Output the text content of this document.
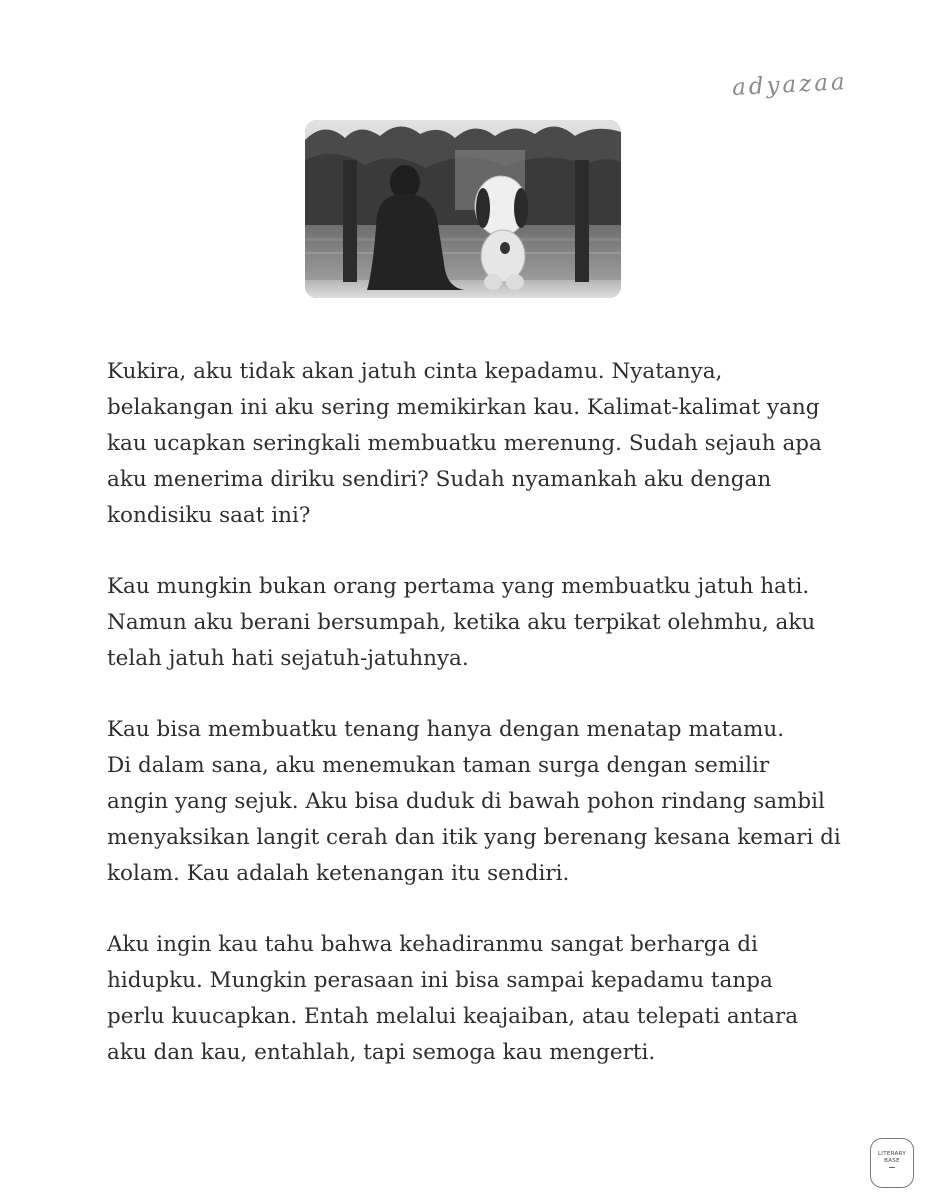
adyazaa

Kukira, aku tidak akan jatuh cinta kepadamu. Nyatanya,
belakangan ini aku sering memikirkan kau. Kalimat-kalimat yang
kau ucapkan seringkali membuatku merenung. Sudah sejauh apa
aku menerima diriku sendiri? Sudah nyamankah aku dengan
kondisiku saat ini?

Kau mungkin bukan orang pertama yang membuatku jatuh hati.
Namun aku berani bersumpah, ketika aku terpikat olehmhu, aku
telah jatuh hati sejatuh-jatuhnya.

Kau bisa membuatku tenang hanya dengan menatap matamu.
Di dalam sana, aku menemukan taman surga dengan semilir
angin yang sejuk. Aku bisa duduk di bawah pohon rindang sambil
menyaksikan langit cerah dan itik yang berenang kesana kemari di
kolam. Kau adalah ketenangan itu sendiri.

Aku ingin kau tahu bahwa kehadiranmu sangat berharga di
hidupku. Mungkin perasaan ini bisa sampai kepadamu tanpa
perlu kuucapkan. Entah melalui keajaiban, atau telepati antara
aku dan kau, entahlah, tapi semoga kau mengerti.

LITERARY
BASE
